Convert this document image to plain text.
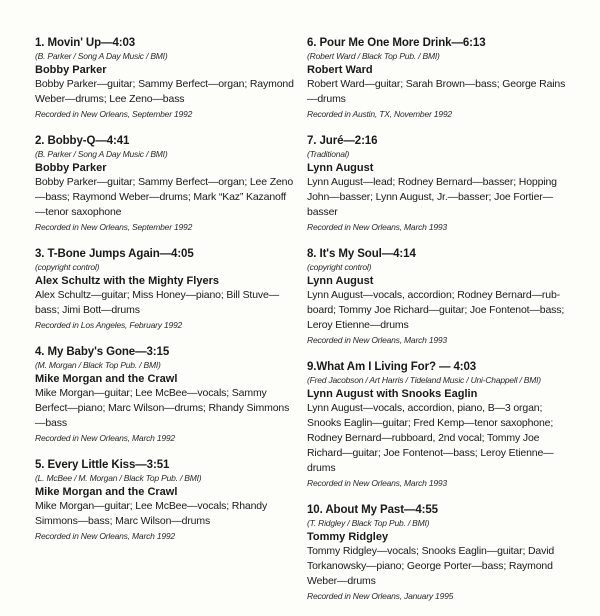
1. Movin' Up—4:03
(B. Parker / Song A Day Music / BMI)
Bobby Parker
Bobby Parker—guitar; Sammy Berfect—organ; Raymond Weber—drums; Lee Zeno—bass
Recorded in New Orleans, September 1992
2. Bobby-Q—4:41
(B. Parker / Song A Day Music / BMI)
Bobby Parker
Bobby Parker—guitar; Sammy Berfect—organ; Lee Zeno—bass; Raymond Weber—drums; Mark “Kaz” Kazanoff—tenor saxophone
Recorded in New Orleans, September 1992
3. T-Bone Jumps Again—4:05
(copyright control)
Alex Schultz with the Mighty Flyers
Alex Schultz—guitar; Miss Honey—piano; Bill Stuve—bass; Jimi Bott—drums
Recorded in Los Angeles, February 1992
4. My Baby's Gone—3:15
(M. Morgan / Black Top Pub. / BMI)
Mike Morgan and the Crawl
Mike Morgan—guitar; Lee McBee—vocals; Sammy Berfect—piano; Marc Wilson—drums; Rhandy Simmons—bass
Recorded in New Orleans, March 1992
5. Every Little Kiss—3:51
(L. McBee / M. Morgan / Black Top Pub. / BMI)
Mike Morgan and the Crawl
Mike Morgan—guitar; Lee McBee—vocals; Rhandy Simmons—bass; Marc Wilson—drums
Recorded in New Orleans, March 1992
6. Pour Me One More Drink—6:13
(Robert Ward / Black Top Pub. / BMI)
Robert Ward
Robert Ward—guitar; Sarah Brown—bass; George Rains—drums
Recorded in Austin, TX, November 1992
7. Juré—2:16
(Traditional)
Lynn August
Lynn August—lead; Rodney Bernard—basser; Hopping John—basser; Lynn August, Jr.—basser; Joe Fortier—basser
Recorded in New Orleans, March 1993
8. It's My Soul—4:14
(copyright control)
Lynn August
Lynn August—vocals, accordion; Rodney Bernard—rub-board; Tommy Joe Richard—guitar; Joe Fontenot—bass; Leroy Etienne—drums
Recorded in New Orleans, March 1993
9.What Am I Living For? — 4:03
(Fred Jacobson / Art Harris / Tideland Music / Uni-Chappell / BMI)
Lynn August with Snooks Eaglin
Lynn August—vocals, accordion, piano, B—3 organ; Snooks Eaglin—guitar; Fred Kemp—tenor saxophone; Rodney Bernard—rubboard, 2nd vocal; Tommy Joe Richard—guitar; Joe Fontenot—bass; Leroy Etienne—drums
Recorded in New Orleans, March 1993
10. About My Past—4:55
(T. Ridgley / Black Top Pub. / BMI)
Tommy Ridgley
Tommy Ridgley—vocals; Snooks Eaglin—guitar; David Torkanowsky—piano; George Porter—bass; Raymond Weber—drums
Recorded in New Orleans, January 1995
